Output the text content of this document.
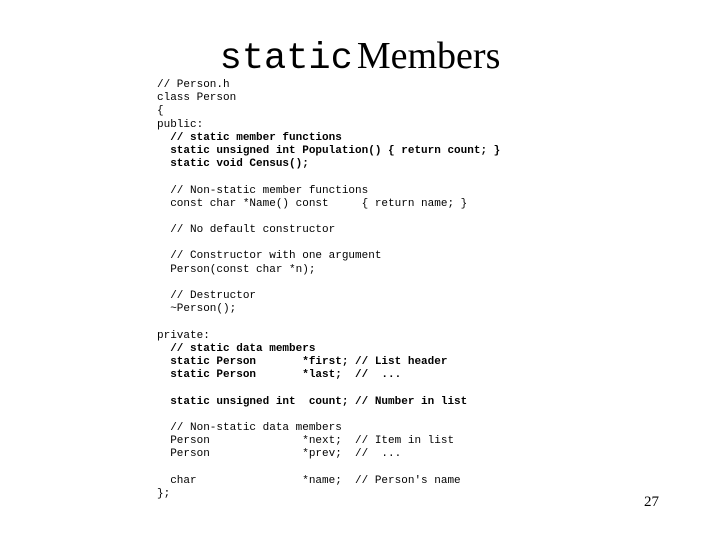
static Members
// Person.h
class Person
{
public:
// static member functions
static unsigned int Population() { return count; }
static void Census();
// Non-static member functions
const char *Name() const     { return name; }
// No default constructor
// Constructor with one argument
Person(const char *n);
// Destructor
~Person();
private:
// static data members
static Person       *first; // List header
static Person       *last;  //  ...
static unsigned int  count; // Number in list
// Non-static data members
Person              *next;  // Item in list
Person              *prev;  //  ...
char                *name;  // Person's name
};
27
